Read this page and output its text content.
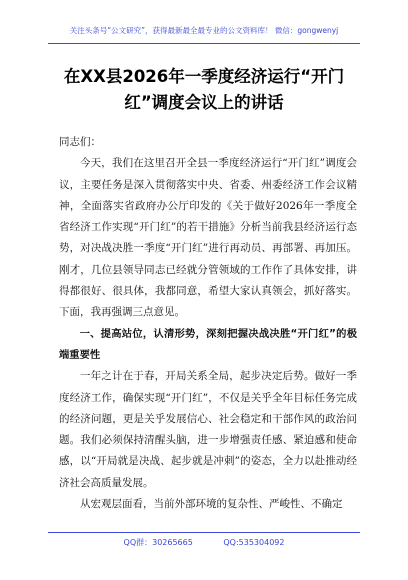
关注头条号“公文研究”，获得最新最全最专业的公文资料库！ 微信：gongwenyj
在XX县2026年一季度经济运行“开门红”调度会议上的讲话

同志们：

今天，我们在这里召开全县一季度经济运行“开门红”调度会议，主要任务是深入贯彻落实中央、省委、州委经济工作会议精神，全面落实省政府办公厅印发的《关于做好2026年一季度全省经济工作实现“开门红”的若干措施》分析当前我县经济运行态势，对决战决胜一季度“开门红”进行再动员、再部署、再加压。刚才，几位县领导同志已经就分管领域的工作作了具体安排，讲得都很好、很具体，我都同意，希望大家认真领会，抓好落实。下面，我再强调三点意见。

一、提高站位，认清形势，深刻把握决战决胜“开门红”的极端重要性

一年之计在于春，开局关系全局，起步决定后势。做好一季度经济工作，确保实现“开门红”，不仅是关乎全年目标任务完成的经济问题，更是关乎发展信心、社会稳定和干部作风的政治问题。我们必须保持清醒头脑，进一步增强责任感、紧迫感和使命感，以“开局就是决战、起步就是冲刺”的姿态，全力以赴推动经济社会高质量发展。

从宏观层面看，当前外部环境的复杂性、严峻性、不确定

QQ群：30265665	QQ:535304092
